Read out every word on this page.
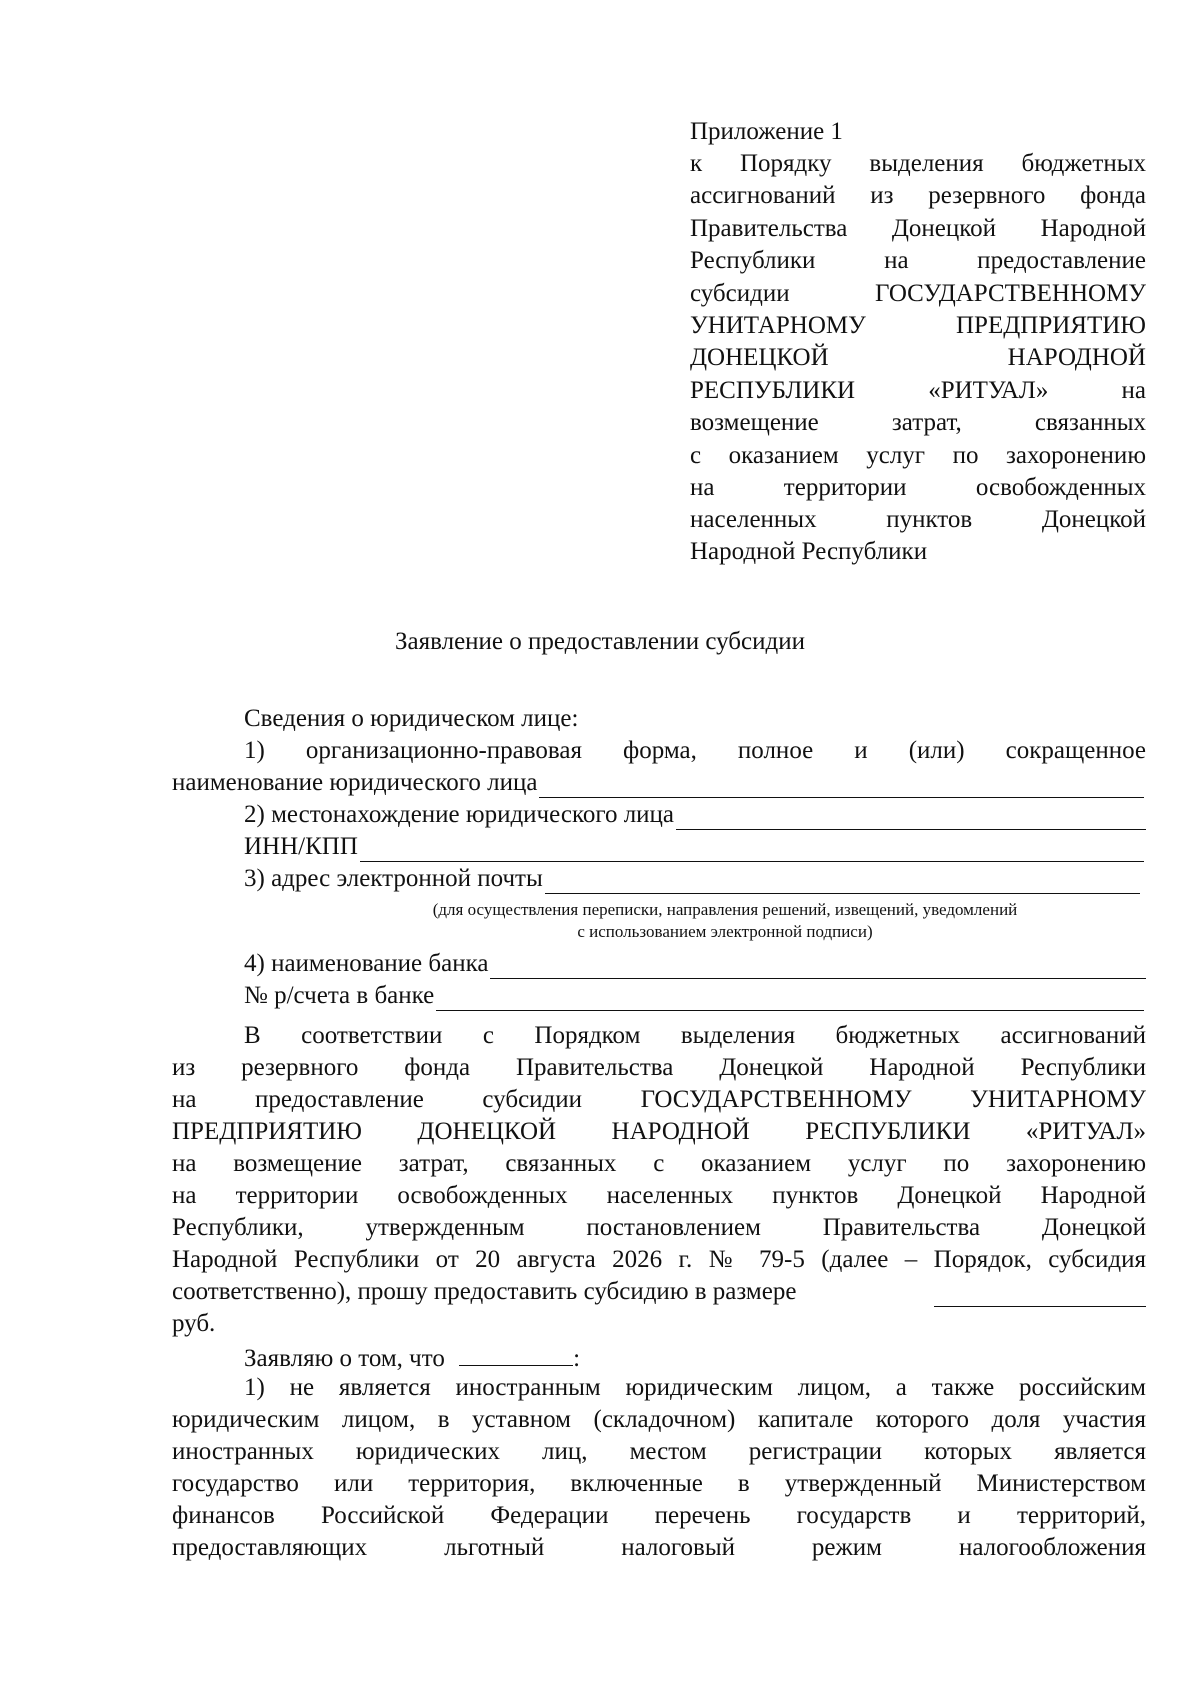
Приложение 1
к Порядку выделения бюджетных
ассигнований из резервного фонда
Правительства Донецкой Народной
Республики на предоставление
субсидии ГОСУДАРСТВЕННОМУ
УНИТАРНОМУ ПРЕДПРИЯТИЮ
ДОНЕЦКОЙ НАРОДНОЙ
РЕСПУБЛИКИ «РИТУАЛ» на
возмещение затрат, связанных
с оказанием услуг по захоронению
на территории освобожденных
населенных пунктов Донецкой
Народной Республики
Заявление о предоставлении субсидии
Сведения о юридическом лице:
1) организационно-правовая форма, полное и (или) сокращенное
наименование юридического лица
2) местонахождение юридического лица
ИНН/КПП
3) адрес электронной почты
(для осуществления переписки, направления решений, извещений, уведомлений
с использованием электронной подписи)
4) наименование банка
№ р/счета в банке
В соответствии с Порядком выделения бюджетных ассигнований
из резервного фонда Правительства Донецкой Народной Республики
на предоставление субсидии ГОСУДАРСТВЕННОМУ УНИТАРНОМУ
ПРЕДПРИЯТИЮ ДОНЕЦКОЙ НАРОДНОЙ РЕСПУБЛИКИ «РИТУАЛ»
на возмещение затрат, связанных с оказанием услуг по захоронению
на территории освобожденных населенных пунктов Донецкой Народной
Республики, утвержденным постановлением Правительства Донецкой
Народной Республики от 20 августа 2026 г. № 79-5 (далее – Порядок, субсидия
соответственно), прошу предоставить субсидию в размере
руб.
Заявляю о том, что	:
1) не является иностранным юридическим лицом, а также российским
юридическим лицом, в уставном (складочном) капитале которого доля участия
иностранных юридических лиц, местом регистрации которых является
государство или территория, включенные в утвержденный Министерством
финансов Российской Федерации перечень государств и территорий,
предоставляющих льготный налоговый режим налогообложения
